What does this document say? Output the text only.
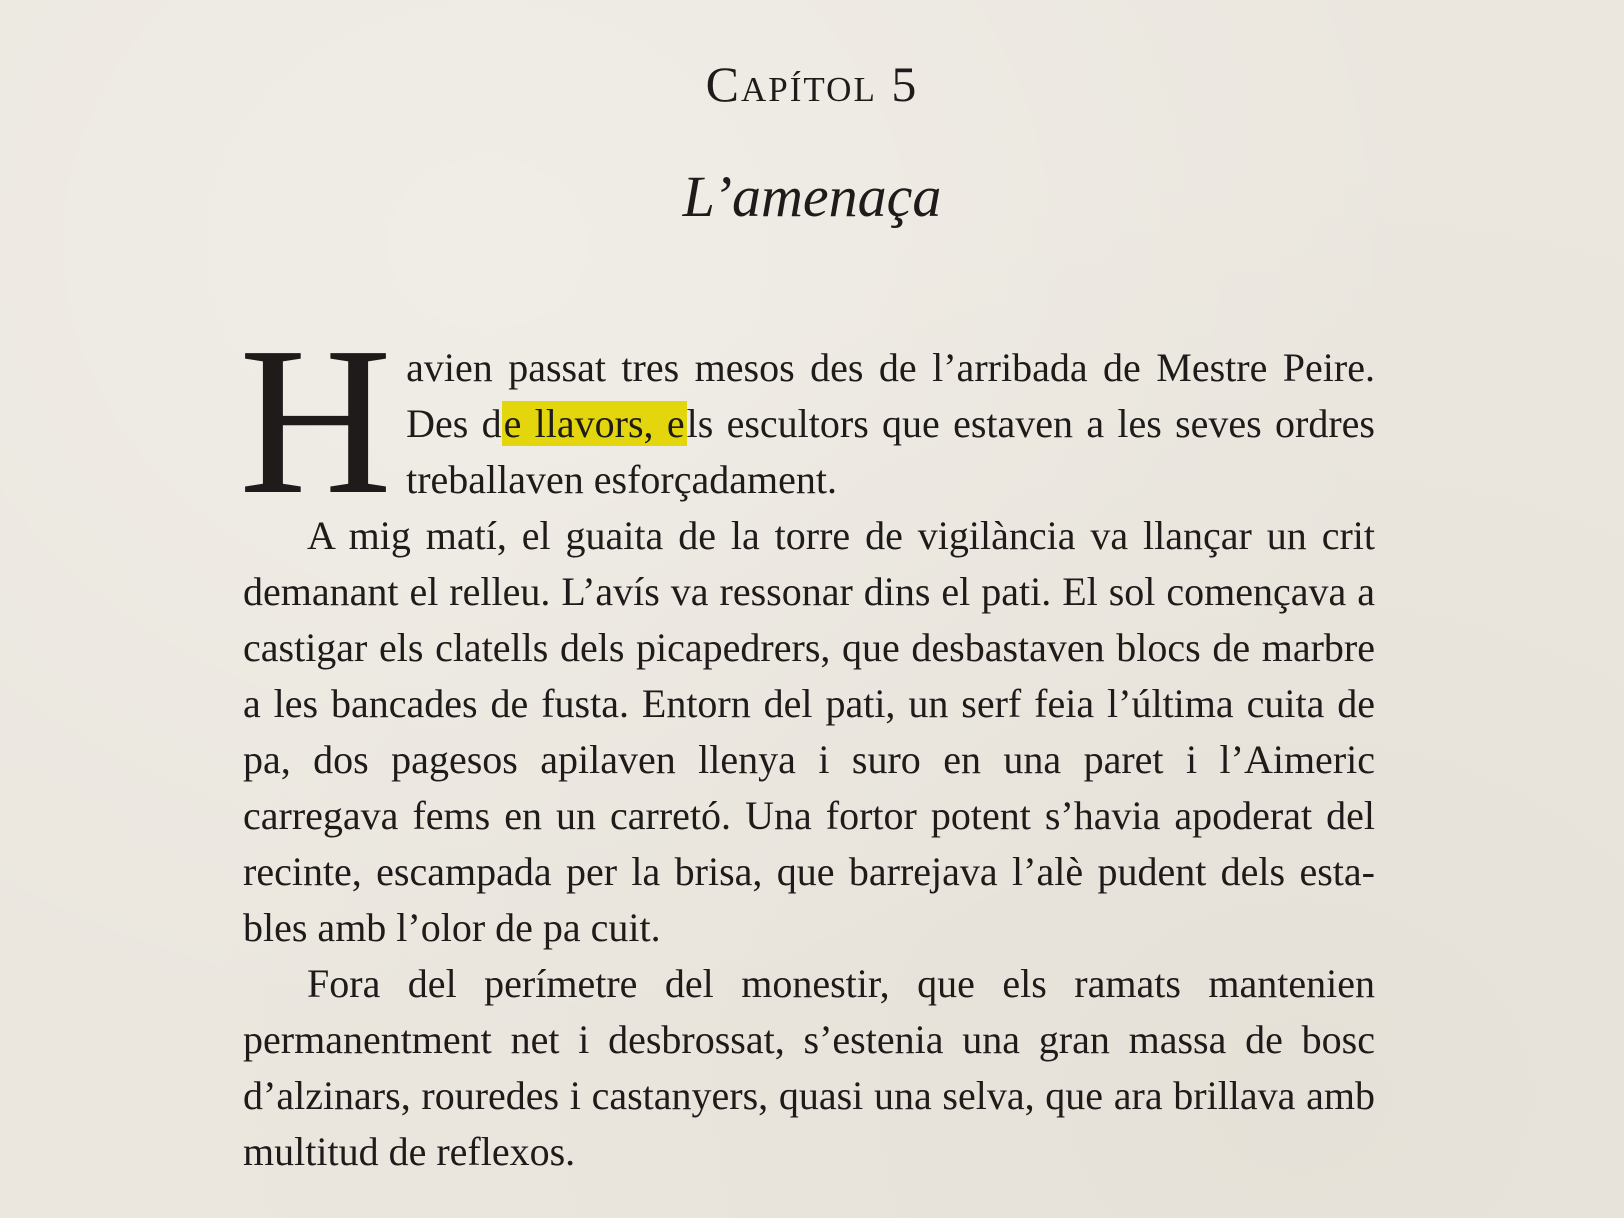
Capítol 5
L’amenaça

Havien passat tres mesos des de l’arribada de Mestre Peire. Des de llavors, els escultors que estaven a les seves ordres treballaven esforçadament.

A mig matí, el guaita de la torre de vigilància va llançar un crit demanant el relleu. L’avís va ressonar dins el pati. El sol començava a castigar els clatells dels picapedrers, que desbastaven blocs de marbre a les bancades de fusta. Entorn del pati, un serf feia l’última cuita de pa, dos pagesos apilaven llenya i suro en una paret i l’Aimeric carregava fems en un carretó. Una fortor potent s’havia apoderat del recinte, escampada per la brisa, que barrejava l’alè pudent dels estables amb l’olor de pa cuit.

Fora del perímetre del monestir, que els ramats mantenien permanentment net i desbrossat, s’estenia una gran massa de bosc d’alzinars, rouredes i castanyers, quasi una selva, que ara brillava amb multitud de reflexos.
